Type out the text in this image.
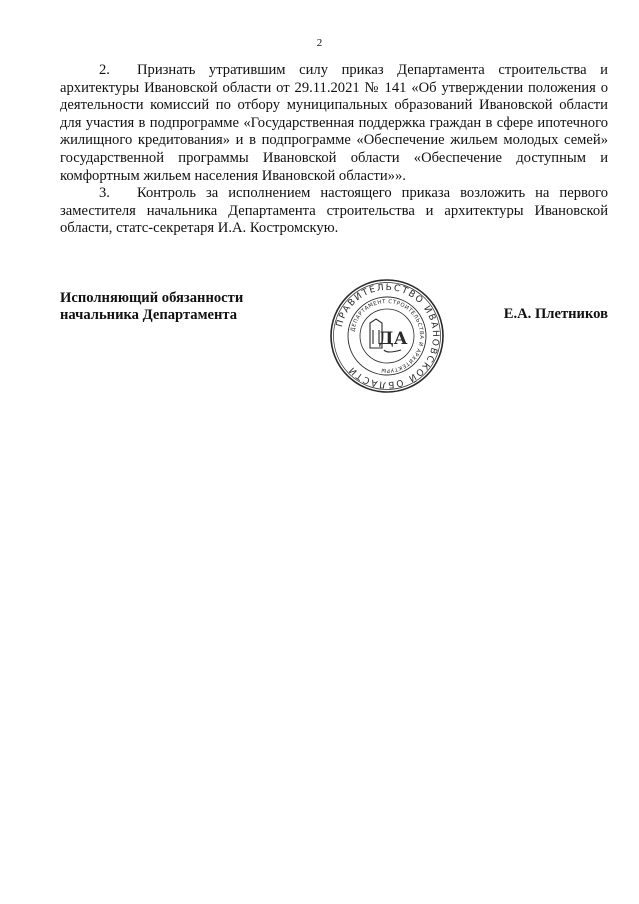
2

2. Признать утратившим силу приказ Департамента строительства и архитектуры Ивановской области от 29.11.2021 № 141 «Об утверждении положения о деятельности комиссий по отбору муниципальных образований Ивановской области для участия в подпрограмме «Государственная поддержка граждан в сфере ипотечного жилищного кредитования» и в подпрограмме «Обеспечение жильем молодых семей» государственной программы Ивановской области «Обеспечение доступным и комфортным жильем населения Ивановской области»».

3. Контроль за исполнением настоящего приказа возложить на первого заместителя начальника Департамента строительства и архитектуры Ивановской области, статс-секретаря И.А. Костромскую.

Исполняющий обязанности
начальника Департамента	ПРАВИТЕЛЬСТВО ИВАНОВСКОЙ ОБЛАСТИ
ДЕПАРТАМЕНТ СТРОИТЕЛЬСТВА И АРХИТЕКТУРЫ
ДА
Е.А. Плетников
